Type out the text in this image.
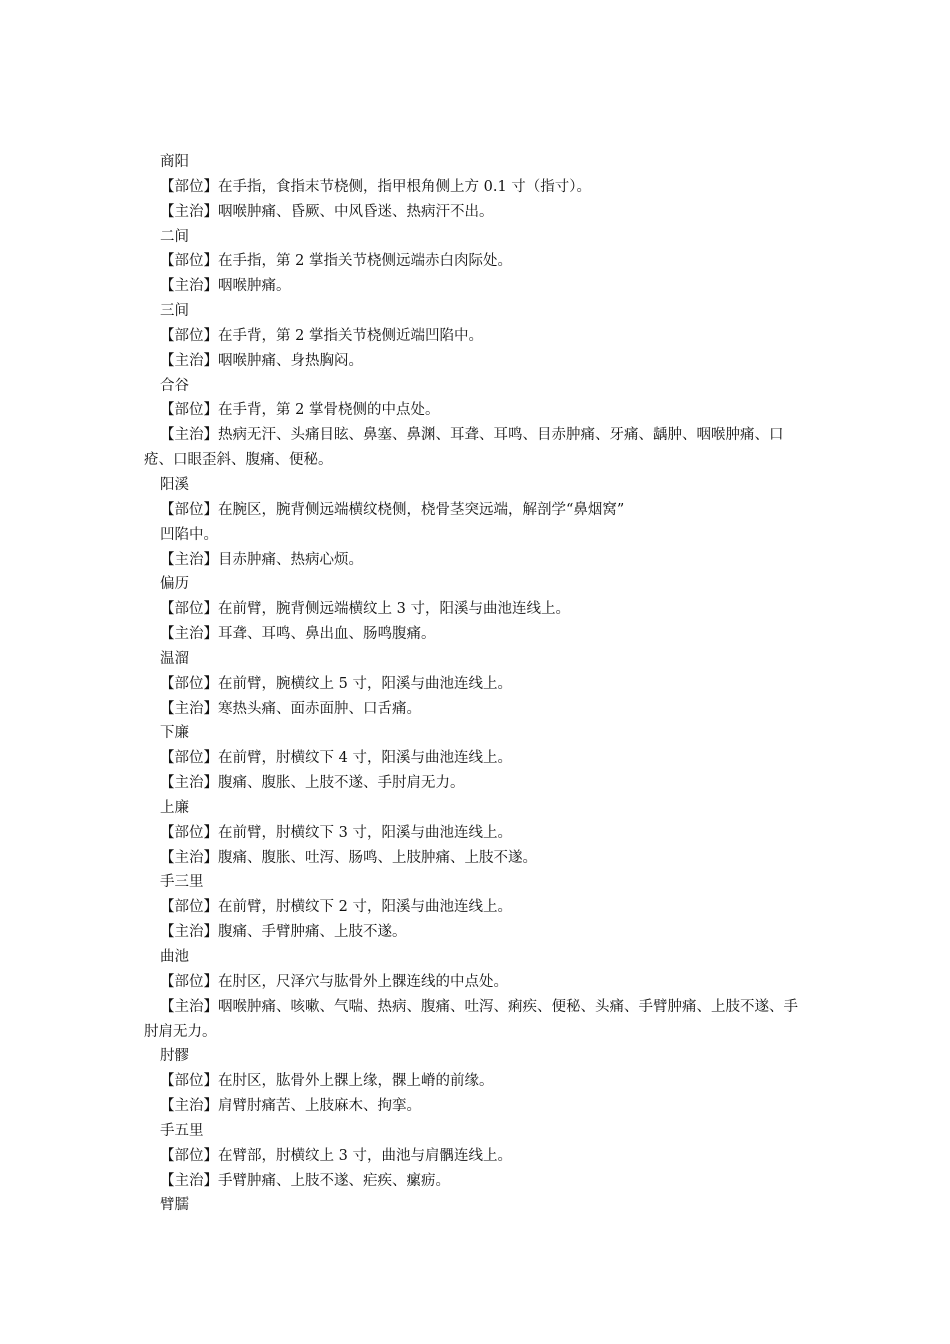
商阳
【部位】在手指，食指末节桡侧，指甲根角侧上方 0.1 寸（指寸）。
【主治】咽喉肿痛、昏厥、中风昏迷、热病汗不出。
二间
【部位】在手指，第 2 掌指关节桡侧远端赤白肉际处。
【主治】咽喉肿痛。
三间
【部位】在手背，第 2 掌指关节桡侧近端凹陷中。
【主治】咽喉肿痛、身热胸闷。
合谷
【部位】在手背，第 2 掌骨桡侧的中点处。
【主治】热病无汗、头痛目眩、鼻塞、鼻渊、耳聋、耳鸣、目赤肿痛、牙痛、龋肿、咽喉肿痛、口疮、口眼歪斜、腹痛、便秘。
阳溪
【部位】在腕区，腕背侧远端横纹桡侧，桡骨茎突远端，解剖学“鼻烟窝”
凹陷中。
【主治】目赤肿痛、热病心烦。
偏历
【部位】在前臂，腕背侧远端横纹上 3 寸，阳溪与曲池连线上。
【主治】耳聋、耳鸣、鼻出血、肠鸣腹痛。
温溜
【部位】在前臂，腕横纹上 5 寸，阳溪与曲池连线上。
【主治】寒热头痛、面赤面肿、口舌痛。
下廉
【部位】在前臂，肘横纹下 4 寸，阳溪与曲池连线上。
【主治】腹痛、腹胀、上肢不遂、手肘肩无力。
上廉
【部位】在前臂，肘横纹下 3 寸，阳溪与曲池连线上。
【主治】腹痛、腹胀、吐泻、肠鸣、上肢肿痛、上肢不遂。
手三里
【部位】在前臂，肘横纹下 2 寸，阳溪与曲池连线上。
【主治】腹痛、手臂肿痛、上肢不遂。
曲池
【部位】在肘区，尺泽穴与肱骨外上髁连线的中点处。
【主治】咽喉肿痛、咳嗽、气喘、热病、腹痛、吐泻、痢疾、便秘、头痛、手臂肿痛、上肢不遂、手肘肩无力。
肘髎
【部位】在肘区，肱骨外上髁上缘，髁上嵴的前缘。
【主治】肩臂肘痛苦、上肢麻木、拘挛。
手五里
【部位】在臂部，肘横纹上 3 寸，曲池与肩髃连线上。
【主治】手臂肿痛、上肢不遂、疟疾、瘰疬。
臂臑
